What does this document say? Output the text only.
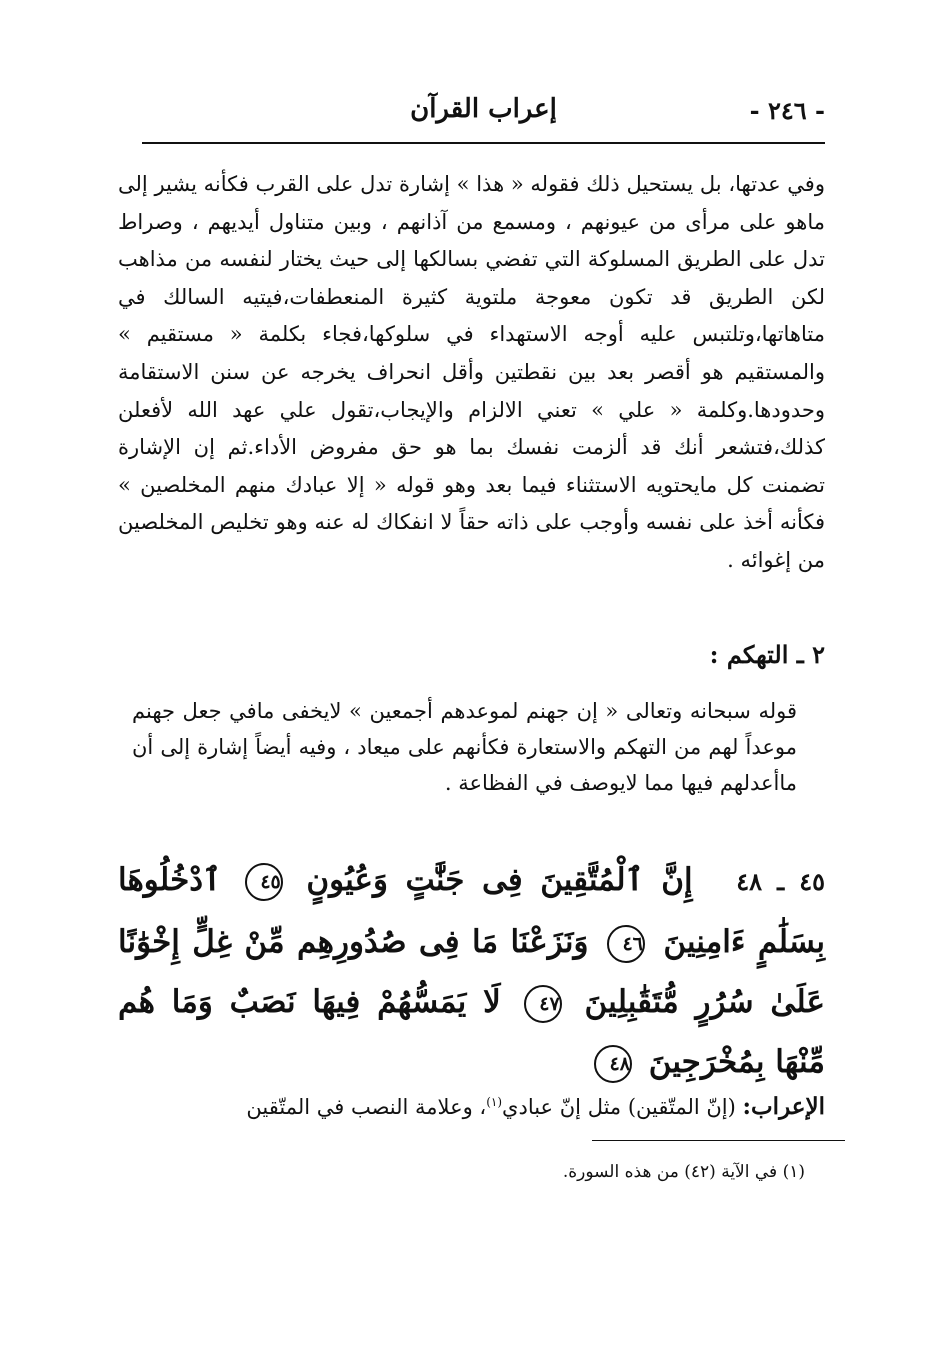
- ٢٤٦ -
إعراب القرآن

وفي عدتها، بل يستحيل ذلك فقوله « هذا » إشارة تدل على القرب فكأنه يشير إلى ماهو على مرأى من عيونهم ، ومسمع من آذانهم ، وبين متناول أيديهم ، وصراط تدل على الطريق المسلوكة التي تفضي بسالكها إلى حيث يختار لنفسه من مذاهب لكن الطريق قد تكون معوجة ملتوية كثيرة المنعطفات،فيتيه السالك في متاهاتها،وتلتبس عليه أوجه الاستهداء في سلوكها،فجاء بكلمة « مستقيم » والمستقيم هو أقصر بعد بين نقطتين وأقل انحراف يخرجه عن سنن الاستقامة وحدودها.وكلمة « علي » تعني الالزام والإيجاب،تقول علي عهد الله لأفعلن كذلك،فتشعر أنك قد ألزمت نفسك بما هو حق مفروض الأداء.ثم إن الإشارة تضمنت كل مايحتويه الاستثناء فيما بعد وهو قوله « إلا عبادك منهم المخلصين » فكأنه أخذ على نفسه وأوجب على ذاته حقاً لا انفكاك له عنه وهو تخليص المخلصين من إغوائه .

٢ ـ التهكم :

قوله سبحانه وتعالى « إن جهنم لموعدهم أجمعين » لايخفى مافي جعل جهنم موعداً لهم من التهكم والاستعارة فكأنهم على ميعاد ، وفيه أيضاً إشارة إلى أن ماأعدلهم فيها مما لايوصف في الفظاعة .

٤٥ ـ ٤٨ إِنَّ ٱلْمُتَّقِينَ فِى جَنَّٰتٍ وَعُيُونٍ ٤٥ ٱدْخُلُوهَا بِسَلَٰمٍ ءَامِنِينَ ٤٦ وَنَزَعْنَا مَا فِى صُدُورِهِم مِّنْ غِلٍّ إِخْوَٰنًا عَلَىٰ سُرُرٍ مُّتَقَٰبِلِينَ ٤٧ لَا يَمَسُّهُمْ فِيهَا نَصَبٌ وَمَا هُم مِّنْهَا بِمُخْرَجِينَ ٤٨

الإعراب: (إنّ المتّقين) مثل إنّ عبادي$^{(١)}$، وعلامة النصب في المتّقين

(١) في الآية (٤٢) من هذه السورة.
